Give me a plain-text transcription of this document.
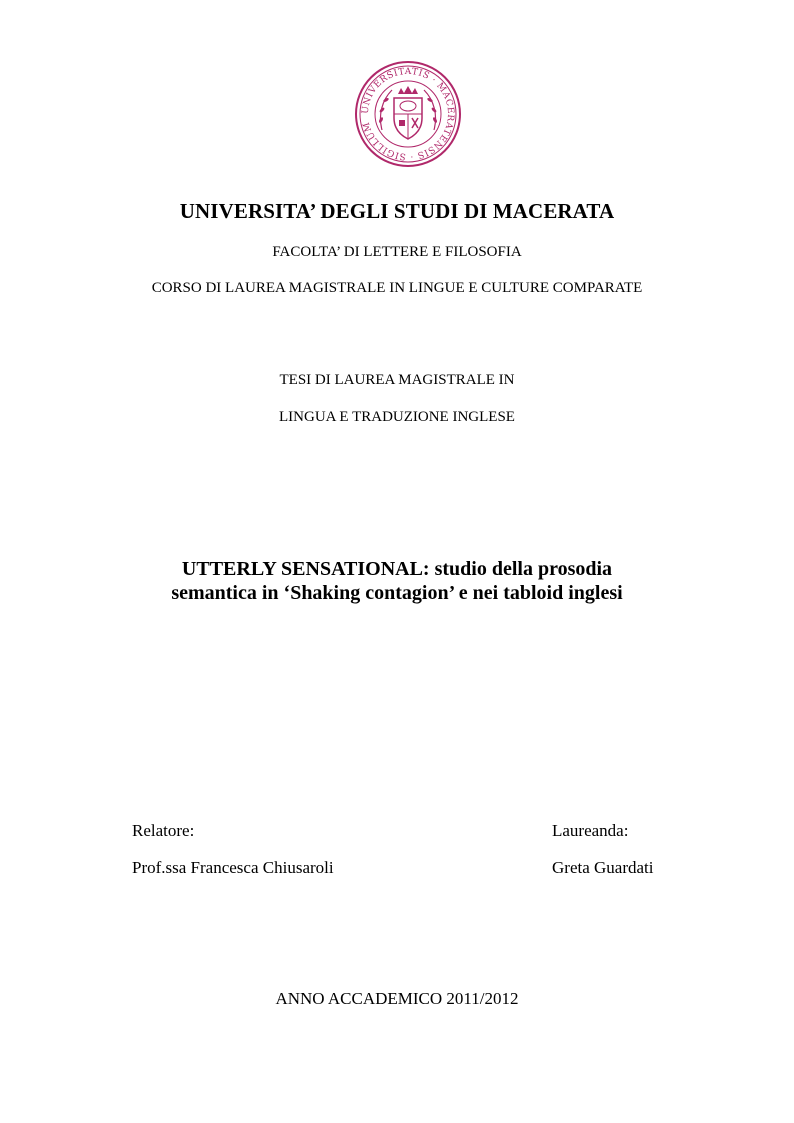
UNIVERSITATIS · MACERATENSIS · SIGILLUM
UNIVERSITA’ DEGLI STUDI DI MACERATA
FACOLTA’ DI LETTERE E FILOSOFIA
CORSO DI LAUREA MAGISTRALE IN LINGUE E CULTURE COMPARATE
TESI DI LAUREA MAGISTRALE IN
LINGUA E TRADUZIONE INGLESE
UTTERLY SENSATIONAL: studio della prosodia
semantica in ‘Shaking contagion’ e nei tabloid inglesi
Relatore:
Prof.ssa Francesca Chiusaroli
Laureanda:
Greta Guardati
ANNO ACCADEMICO 2011/2012
